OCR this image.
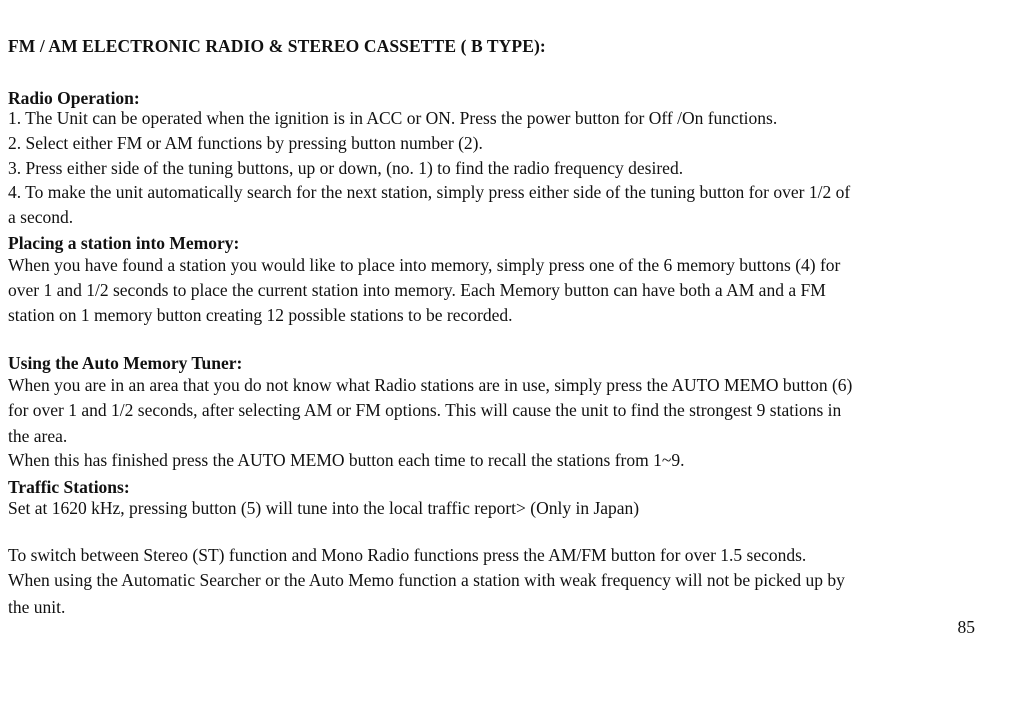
FM / AM ELECTRONIC RADIO & STEREO CASSETTE ( B TYPE):
Radio Operation:
1. The Unit can be operated when the ignition is in ACC or ON. Press the power button for Off /On functions.
2. Select either FM or AM functions by pressing button number (2).
3. Press either side of the tuning buttons, up or down, (no. 1) to find the radio frequency desired.
4. To make the unit automatically search for the next station, simply press either side of the tuning button for over 1/2 of
a second.
Placing a station into Memory:
When you have found a station you would like to place into memory, simply press one of the 6 memory buttons (4) for
over 1 and 1/2 seconds to place the current station into memory. Each Memory button can have both a AM and a FM
station on 1 memory button creating 12 possible stations to be recorded.
Using the Auto Memory Tuner:
When you are in an area that you do not know what Radio stations are in use, simply press the AUTO MEMO button (6)
for over 1 and 1/2 seconds, after selecting AM or FM options. This will cause the unit to find the strongest 9 stations in
the area.
When this has finished press the AUTO MEMO button each time to recall the stations from 1~9.
Traffic Stations:
Set at 1620 kHz, pressing button (5) will tune into the local traffic report> (Only in Japan)
To switch between Stereo (ST) function and Mono Radio functions press the AM/FM button for over 1.5 seconds.
When using the Automatic Searcher or the Auto Memo function a station with weak frequency will not be picked up by
the unit.
85
